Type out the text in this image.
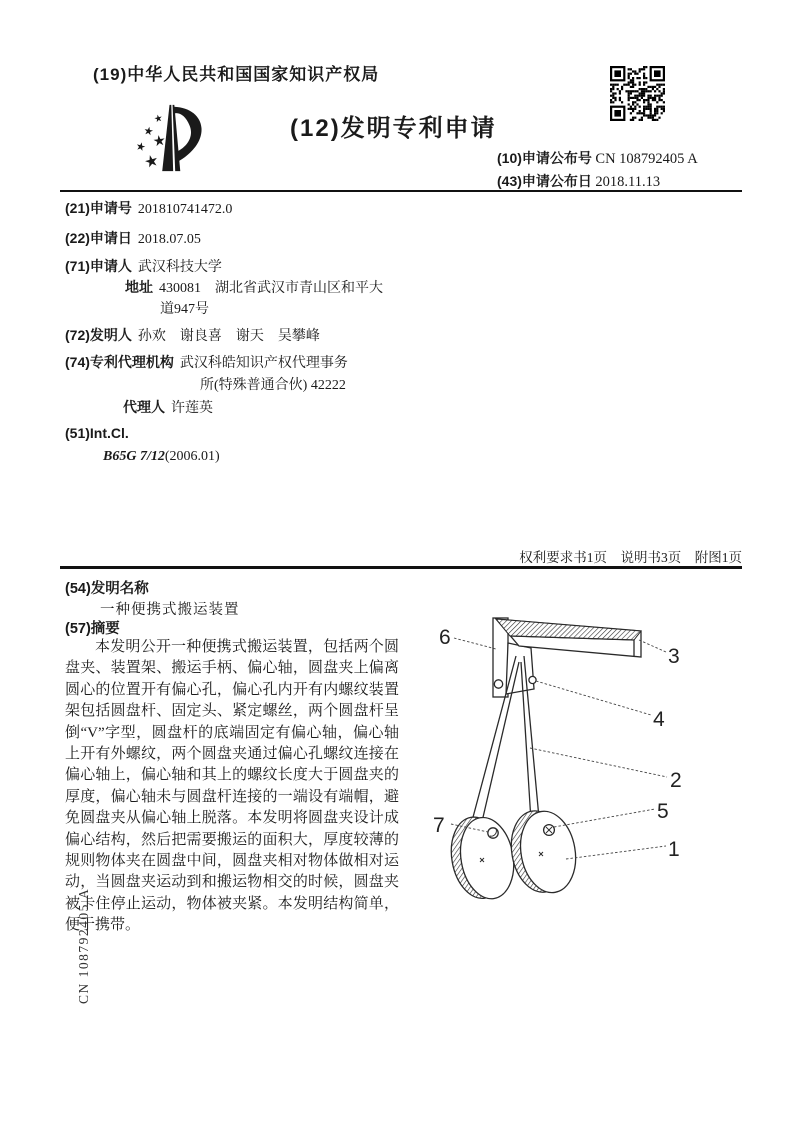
(19)中华人民共和国国家知识产权局
(12)发明专利申请
(10)申请公布号 CN 108792405 A
(43)申请公布日 2018.11.13
(21)申请号 201810741472.0
(22)申请日 2018.07.05
(71)申请人 武汉科技大学
地址 430081　湖北省武汉市青山区和平大
道947号
(72)发明人 孙欢　谢良喜　谢天　吴攀峰
(74)专利代理机构 武汉科皓知识产权代理事务
所(特殊普通合伙) 42222
代理人 许莲英
(51)Int.Cl.
B65G 7/12(2006.01)
权利要求书1页　说明书3页　附图1页
(54)发明名称
一种便携式搬运装置
(57)摘要
本发明公开一种便携式搬运装置，包括两个圆盘夹、装置架、搬运手柄、偏心轴，圆盘夹上偏离圆心的位置开有偏心孔，偏心孔内开有内螺纹装置架包括圆盘杆、固定头、紧定螺丝，两个圆盘杆呈倒“V”字型，圆盘杆的底端固定有偏心轴，偏心轴上开有外螺纹，两个圆盘夹通过偏心孔螺纹连接在偏心轴上，偏心轴和其上的螺纹长度大于圆盘夹的厚度，偏心轴未与圆盘杆连接的一端设有端帽，避免圆盘夹从偏心轴上脱落。本发明将圆盘夹设计成偏心结构，然后把需要搬运的面积大，厚度较薄的规则物体夹在圆盘中间，圆盘夹相对物体做相对运动，当圆盘夹运动到和搬运物相交的时候，圆盘夹被卡住停止运动，物体被夹紧。本发明结构简单，便于携带。
1
2
3
4
5
6
7
CN 108792405 A
